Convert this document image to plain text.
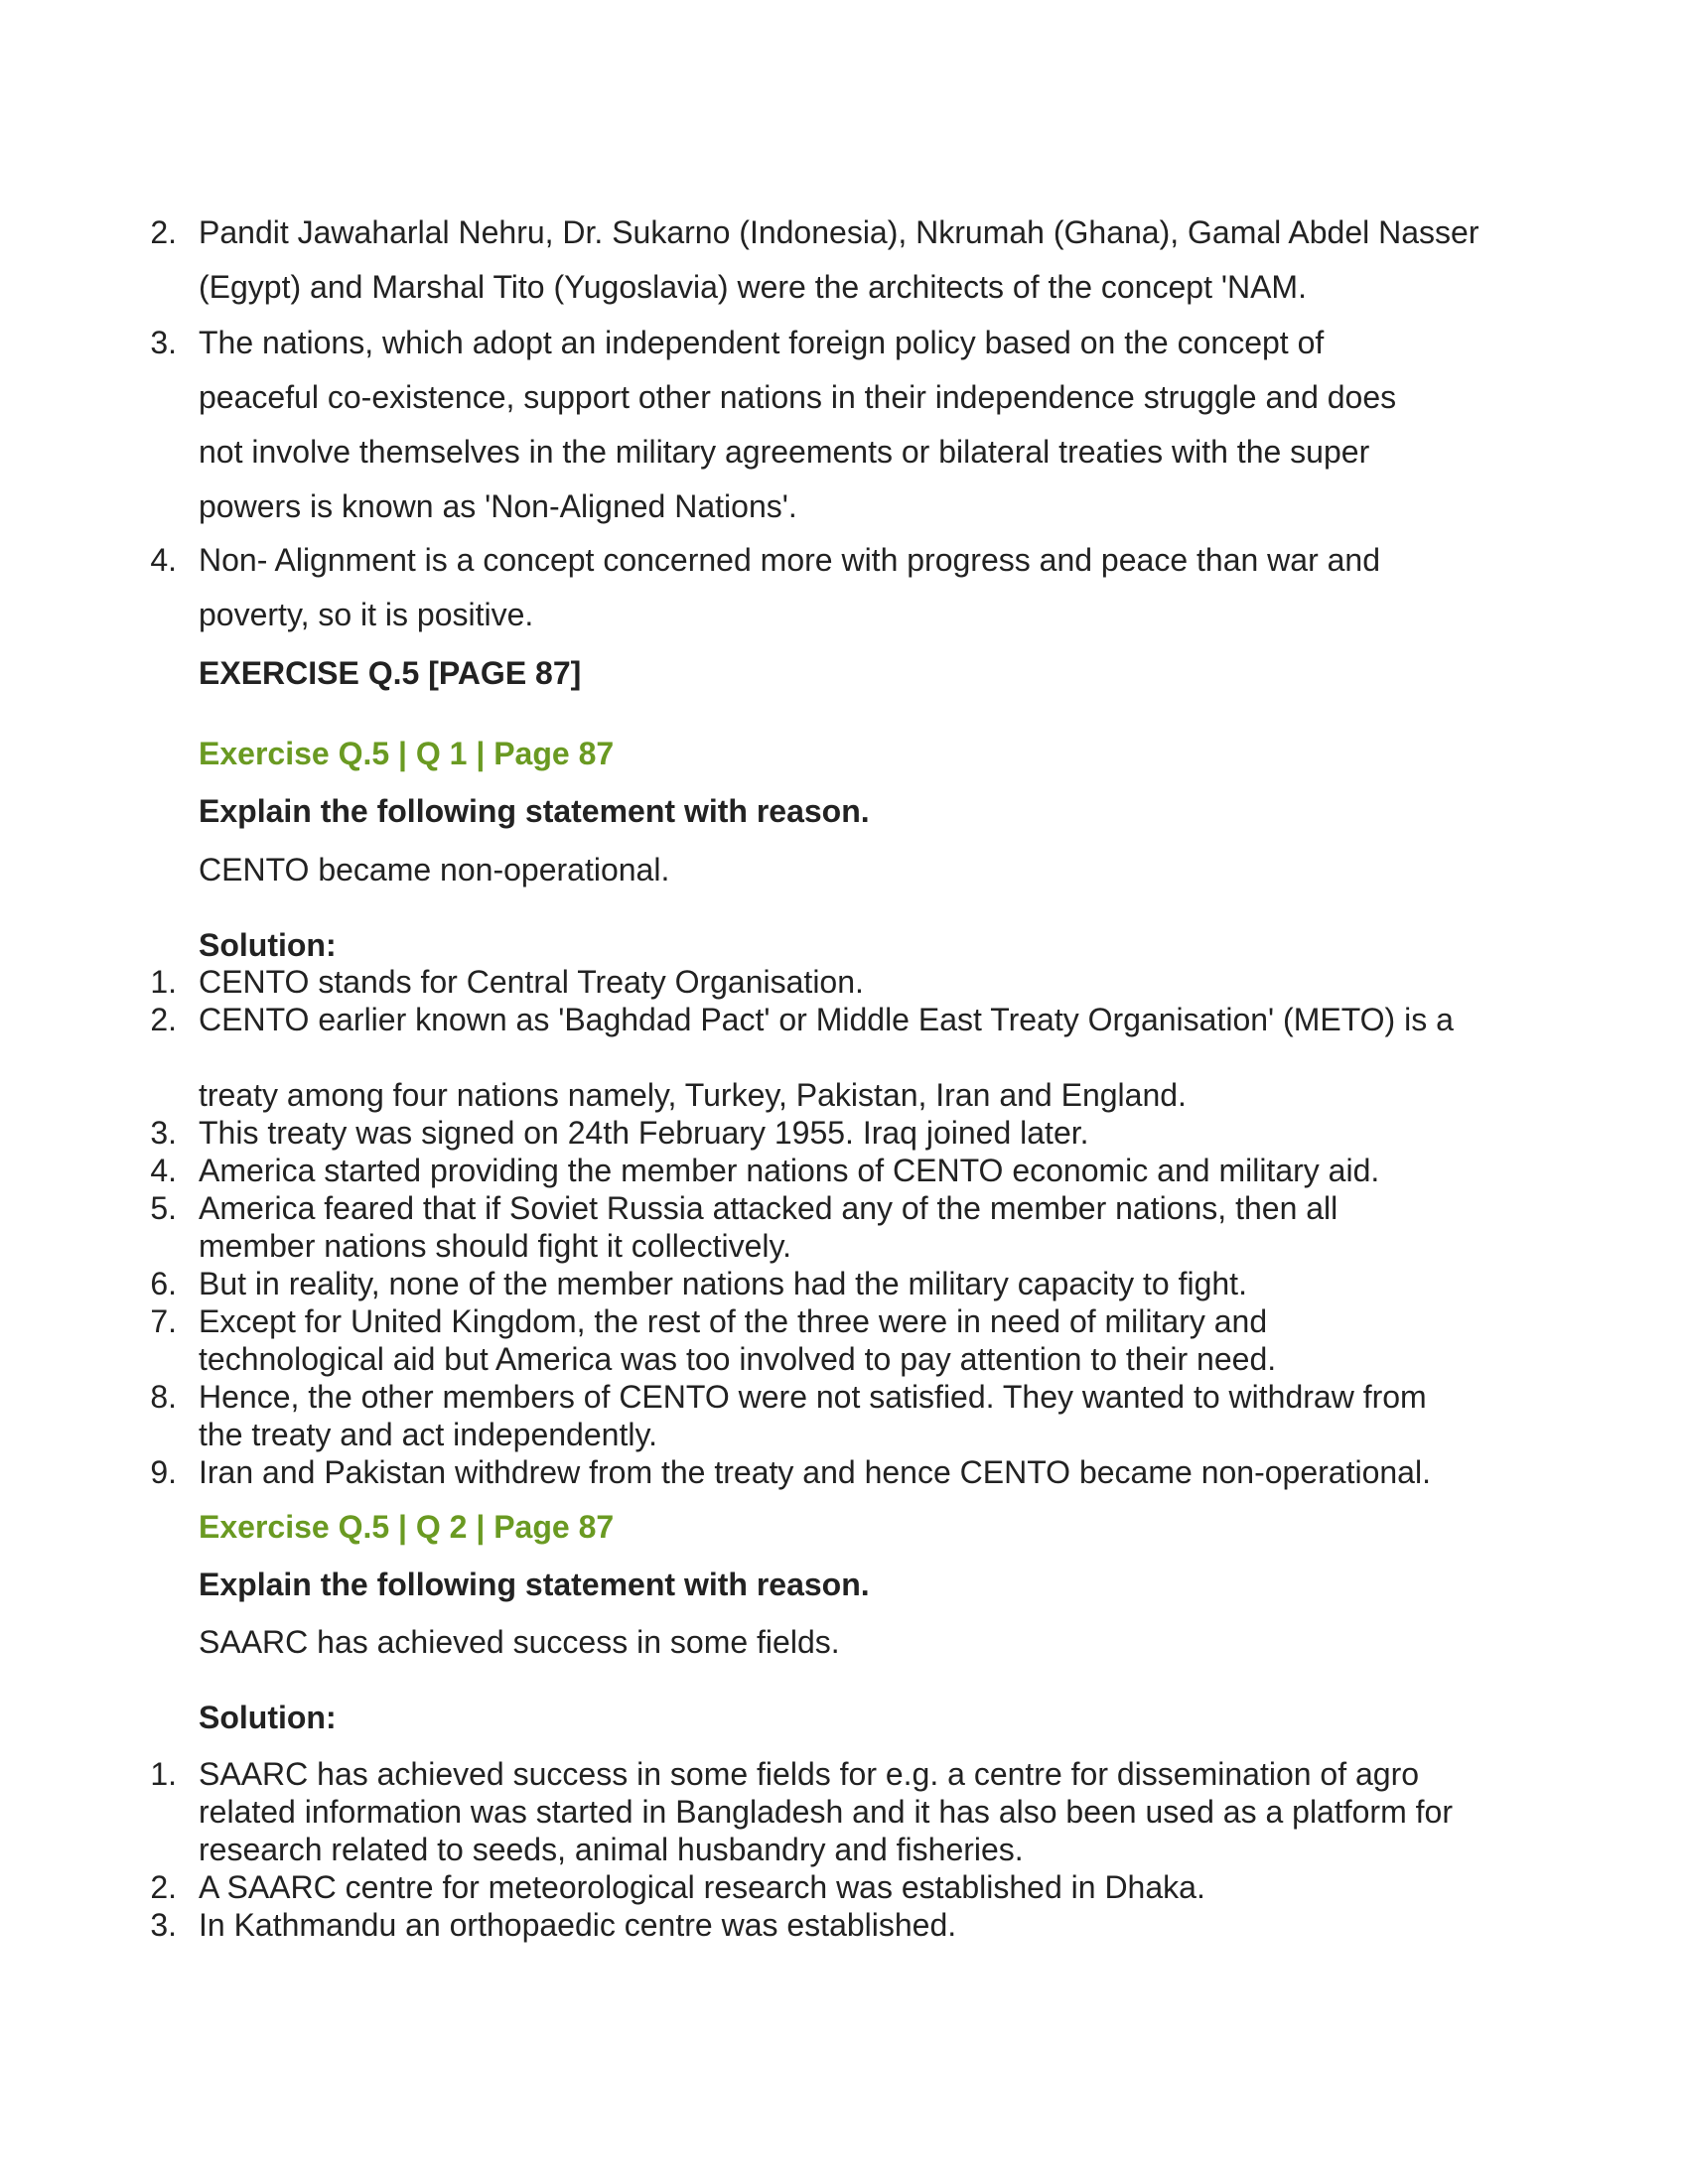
2. Pandit Jawaharlal Nehru, Dr. Sukarno (Indonesia), Nkrumah (Ghana), Gamal Abdel Nasser (Egypt) and Marshal Tito (Yugoslavia) were the architects of the concept 'NAM.
3. The nations, which adopt an independent foreign policy based on the concept of peaceful co-existence, support other nations in their independence struggle and does not involve themselves in the military agreements or bilateral treaties with the super powers is known as 'Non-Aligned Nations'.
4. Non- Alignment is a concept concerned more with progress and peace than war and poverty, so it is positive.
EXERCISE Q.5 [PAGE 87]
Exercise Q.5 | Q 1 | Page 87
Explain the following statement with reason.
CENTO became non-operational.
Solution:
1. CENTO stands for Central Treaty Organisation.
2. CENTO earlier known as 'Baghdad Pact' or Middle East Treaty Organisation' (METO) is a
treaty among four nations namely, Turkey, Pakistan, Iran and England.
3. This treaty was signed on 24th February 1955. Iraq joined later.
4. America started providing the member nations of CENTO economic and military aid.
5. America feared that if Soviet Russia attacked any of the member nations, then all member nations should fight it collectively.
6. But in reality, none of the member nations had the military capacity to fight.
7. Except for United Kingdom, the rest of the three were in need of military and technological aid but America was too involved to pay attention to their need.
8. Hence, the other members of CENTO were not satisfied. They wanted to withdraw from the treaty and act independently.
9. Iran and Pakistan withdrew from the treaty and hence CENTO became non-operational.
Exercise Q.5 | Q 2 | Page 87
Explain the following statement with reason.
SAARC has achieved success in some fields.
Solution:
1. SAARC has achieved success in some fields for e.g. a centre for dissemination of agro related information was started in Bangladesh and it has also been used as a platform for research related to seeds, animal husbandry and fisheries.
2. A SAARC centre for meteorological research was established in Dhaka.
3. In Kathmandu an orthopaedic centre was established.
